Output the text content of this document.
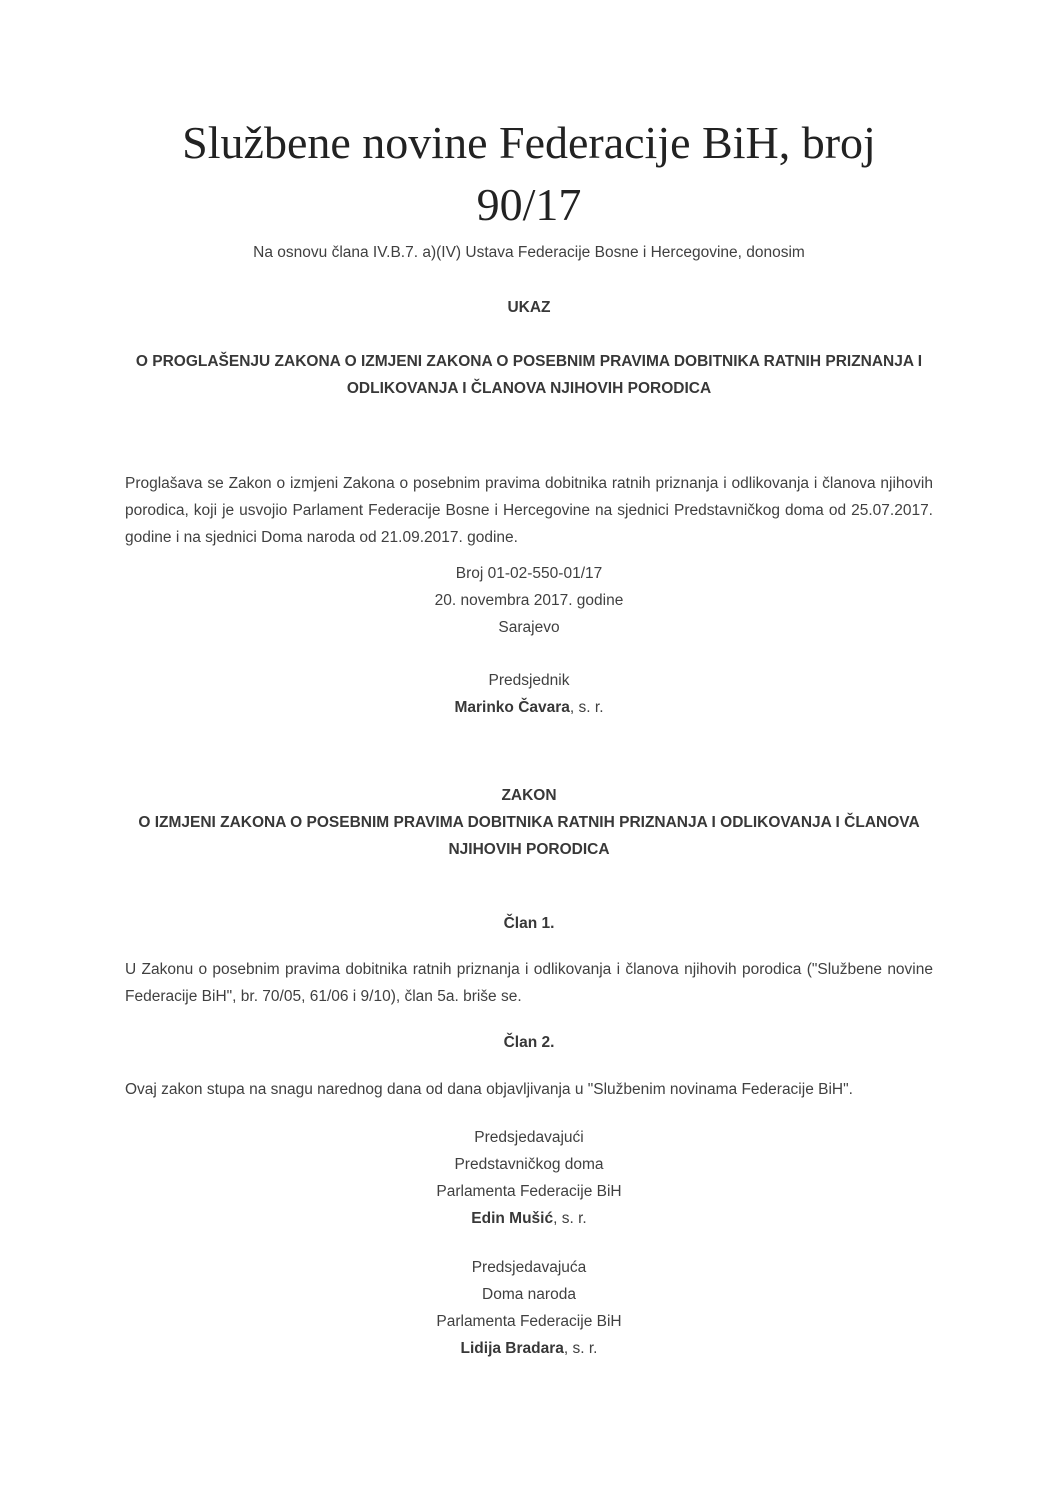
Službene novine Federacije BiH, broj
90/17

Na osnovu člana IV.B.7. a)(IV) Ustava Federacije Bosne i Hercegovine, donosim

UKAZ

O PROGLAŠENJU ZAKONA O IZMJENI ZAKONA O POSEBNIM PRAVIMA DOBITNIKA RATNIH PRIZNANJA I ODLIKOVANJA I ČLANOVA NJIHOVIH PORODICA

Proglašava se Zakon o izmjeni Zakona o posebnim pravima dobitnika ratnih priznanja i odlikovanja i članova njihovih porodica, koji je usvojio Parlament Federacije Bosne i Hercegovine na sjednici Predstavničkog doma od 25.07.2017. godine i na sjednici Doma naroda od 21.09.2017. godine.

Broj 01-02-550-01/17

20. novembra 2017. godine

Sarajevo

Predsjednik

Marinko Čavara, s. r.

ZAKON

O IZMJENI ZAKONA O POSEBNIM PRAVIMA DOBITNIKA RATNIH PRIZNANJA I ODLIKOVANJA I ČLANOVA NJIHOVIH PORODICA

Član 1.

U Zakonu o posebnim pravima dobitnika ratnih priznanja i odlikovanja i članova njihovih porodica ("Službene novine Federacije BiH", br. 70/05, 61/06 i 9/10), član 5a. briše se.

Član 2.

Ovaj zakon stupa na snagu narednog dana od dana objavljivanja u "Službenim novinama Federacije BiH".

Predsjedavajući

Predstavničkog doma

Parlamenta Federacije BiH

Edin Mušić, s. r.

Predsjedavajuća

Doma naroda

Parlamenta Federacije BiH

Lidija Bradara, s. r.
